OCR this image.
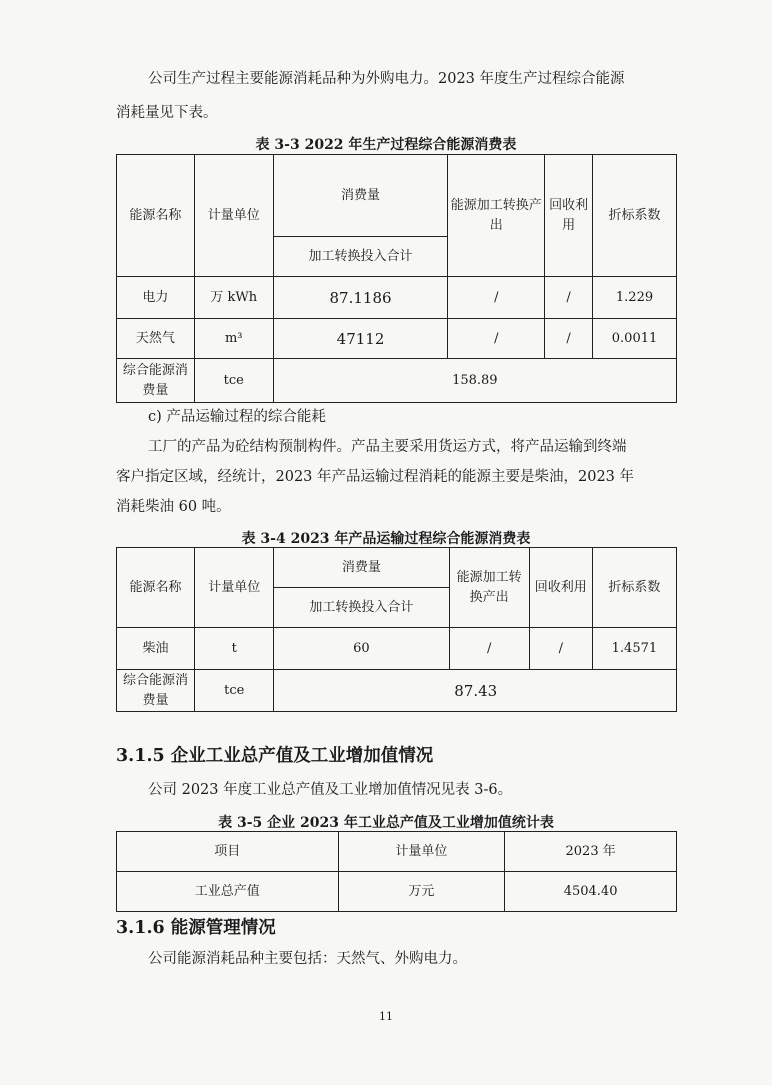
公司生产过程主要能源消耗品种为外购电力。2023 年度生产过程综合能源

消耗量见下表。

表 3-3 2022 年生产过程综合能源消费表

能源名称	计量单位	消费量	能源加工转换产出	回收利用	折标系数
		加工转换投入合计			
电力	万 kWh	87.1186	/	/	1.229
天然气	m³	47112	/	/	0.0011
综合能源消费量	tce	158.89			

c) 产品运输过程的综合能耗

工厂的产品为砼结构预制构件。产品主要采用货运方式，将产品运输到终端

客户指定区域，经统计，2023 年产品运输过程消耗的能源主要是柴油，2023 年

消耗柴油 60 吨。

表 3-4 2023 年产品运输过程综合能源消费表

能源名称	计量单位	消费量	能源加工转换产出	回收利用	折标系数
		加工转换投入合计			
柴油	t	60	/	/	1.4571
综合能源消费量	tce	87.43			

3.1.5 企业工业总产值及工业增加值情况

公司 2023 年度工业总产值及工业增加值情况见表 3-6。

表 3-5 企业 2023 年工业总产值及工业增加值统计表

项目	计量单位	2023 年
工业总产值	万元	4504.40

3.1.6 能源管理情况

公司能源消耗品种主要包括：天然气、外购电力。

11
